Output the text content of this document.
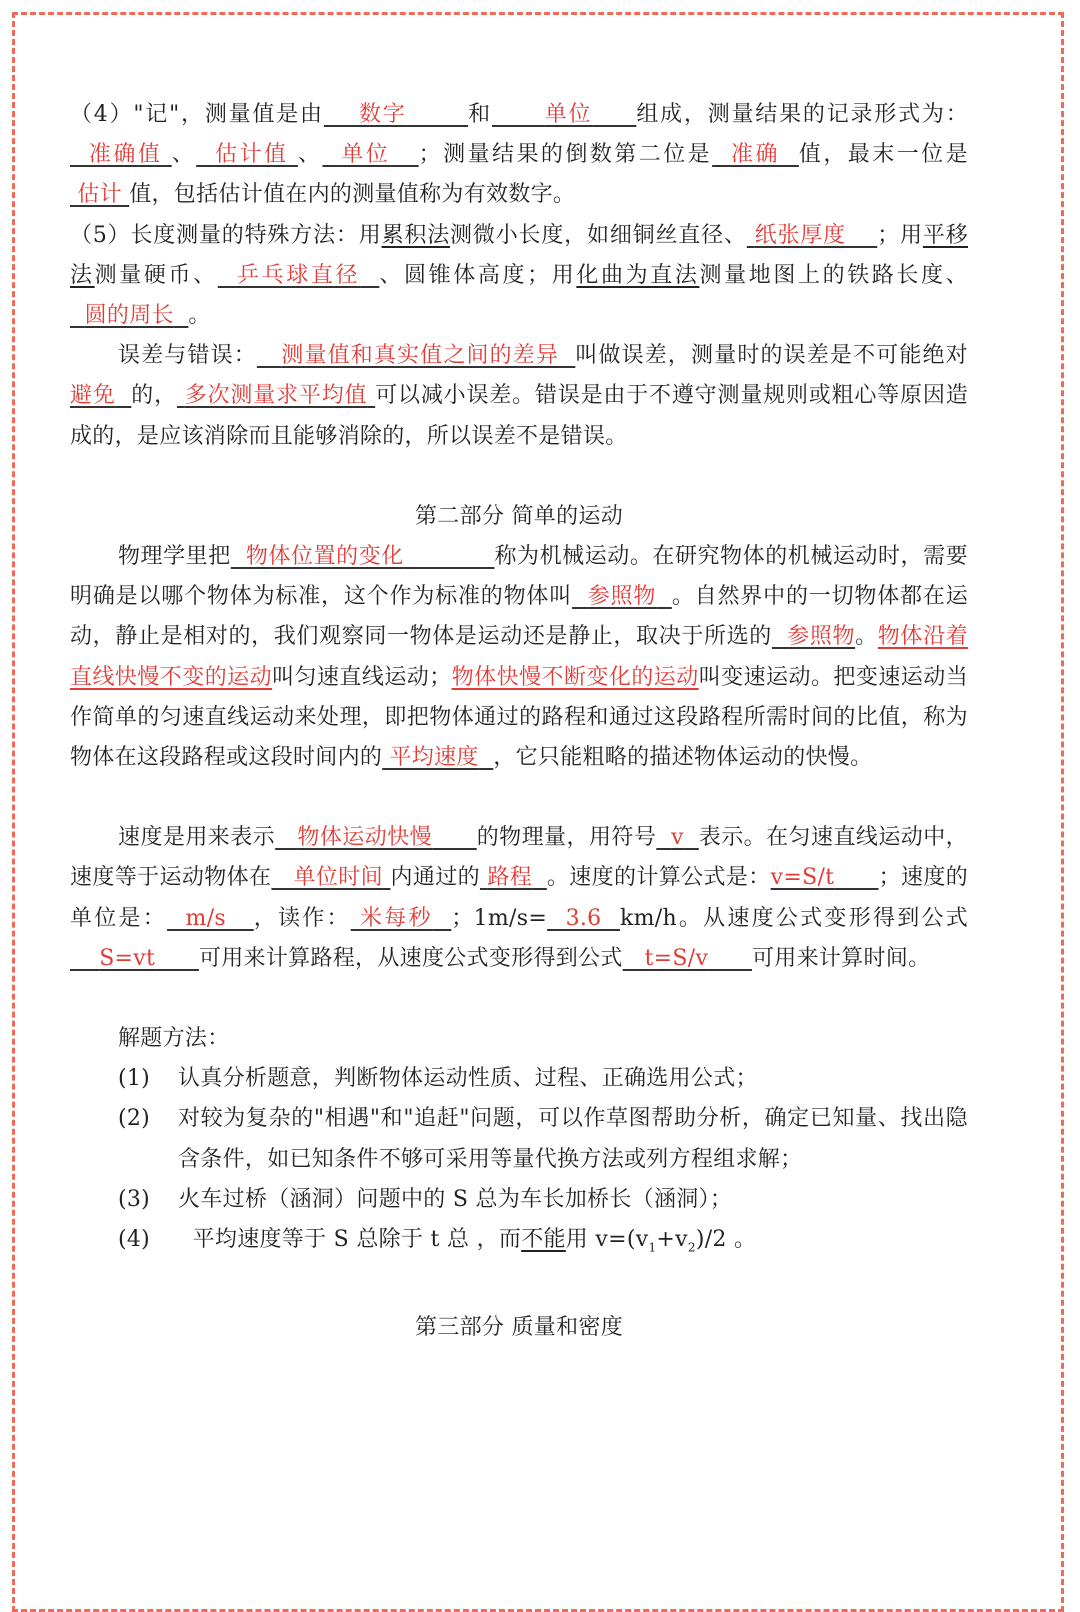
（4）"记"，测量值是由 数字	和 单位 组成，测量结果的记录形式为：  准确值 、 估计值 、 单位 ；测量结果的倒数第二位是 准确 值，最末一位是 估计 值，包括估计值在内的测量值称为有效数字。

（5）长度测量的特殊方法：用累积法测微小长度，如细铜丝直径、 纸张厚度 ；用平移法测量硬币、 乒乓球直径 、圆锥体高度；用化曲为直法测量地图上的铁路长度、  圆的周长 。

误差与错误： 测量值和真实值之间的差异 叫做误差，测量时的误差是不可能绝对避免 的， 多次测量求平均值 可以减小误差。错误是由于不遵守测量规则或粗心等原因造成的，是应该消除而且能够消除的，所以误差不是错误。

第二部分 简单的运动

物理学里把 物体位置的变化	称为机械运动。在研究物体的机械运动时，需要明确是以哪个物体为标准，这个作为标准的物体叫 参照物 。自然界中的一切物体都在运动，静止是相对的，我们观察同一物体是运动还是静止，取决于所选的 参照物。物体沿着直线快慢不变的运动叫匀速直线运动；物体快慢不断变化的运动叫变速运动。把变速运动当作简单的匀速直线运动来处理，即把物体通过的路程和通过这段路程所需时间的比值，称为物体在这段路程或这段时间内的 平均速度 ，它只能粗略的描述物体运动的快慢。

速度是用来表示 物体运动快慢 的物理量，用符号 v 表示。在匀速直线运动中，速度等于运动物体在 单位时间 内通过的 路程 。速度的计算公式是：v=S/t ；速度的单位是： m/s ，读作： 米每秒 ；1m/s= 3.6 km/h。从速度公式变形得到公式    S=vt 可用来计算路程，从速度公式变形得到公式 t=S/v 可用来计算时间。

解题方法：

(1)	认真分析题意，判断物体运动性质、过程、正确选用公式；
(2)	对较为复杂的"相遇"和"追赶"问题，可以作草图帮助分析，确定已知量、找出隐含条件，如已知条件不够可采用等量代换方法或列方程组求解；
(3)	火车过桥（涵洞）问题中的 S 总为车长加桥长（涵洞）；
(4)	平均速度等于 S 总除于 t 总 ，而不能用 $v=(v_1+v_2)/2$ 。

第三部分 质量和密度
